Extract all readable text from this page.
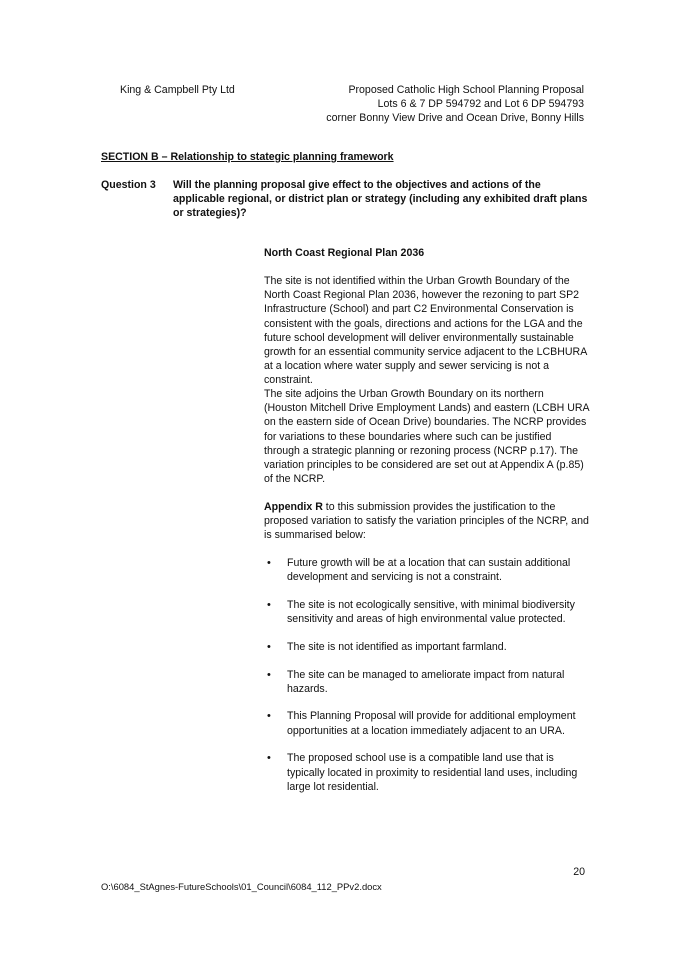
King & Campbell Pty Ltd	Proposed Catholic High School Planning Proposal
Lots 6 & 7 DP 594792 and Lot 6 DP 594793
corner Bonny View Drive and Ocean Drive, Bonny Hills
SECTION B – Relationship to stategic planning framework
Question 3 Will the planning proposal give effect to the objectives and actions of the applicable regional, or district plan or strategy (including any exhibited draft plans or strategies)?
North Coast Regional Plan 2036
The site is not identified within the Urban Growth Boundary of the North Coast Regional Plan 2036, however the rezoning to part SP2 Infrastructure (School) and part C2 Environmental Conservation is consistent with the goals, directions and actions for the LGA and the future school development will deliver environmentally sustainable growth for an essential community service adjacent to the LCBHURA at a location where water supply and sewer servicing is not a constraint.
The site adjoins the Urban Growth Boundary on its northern (Houston Mitchell Drive Employment Lands) and eastern (LCBH URA on the eastern side of Ocean Drive) boundaries. The NCRP provides for variations to these boundaries where such can be justified through a strategic planning or rezoning process (NCRP p.17). The variation principles to be considered are set out at Appendix A (p.85) of the NCRP.
Appendix R to this submission provides the justification to the proposed variation to satisfy the variation principles of the NCRP, and is summarised below:
• Future growth will be at a location that can sustain additional development and servicing is not a constraint.
• The site is not ecologically sensitive, with minimal biodiversity sensitivity and areas of high environmental value protected.
• The site is not identified as important farmland.
• The site can be managed to ameliorate impact from natural hazards.
• This Planning Proposal will provide for additional employment opportunities at a location immediately adjacent to an URA.
• The proposed school use is a compatible land use that is typically located in proximity to residential land uses, including large lot residential.
20
O:\6084_StAgnes-FutureSchools\01_Council\6084_112_PPv2.docx
